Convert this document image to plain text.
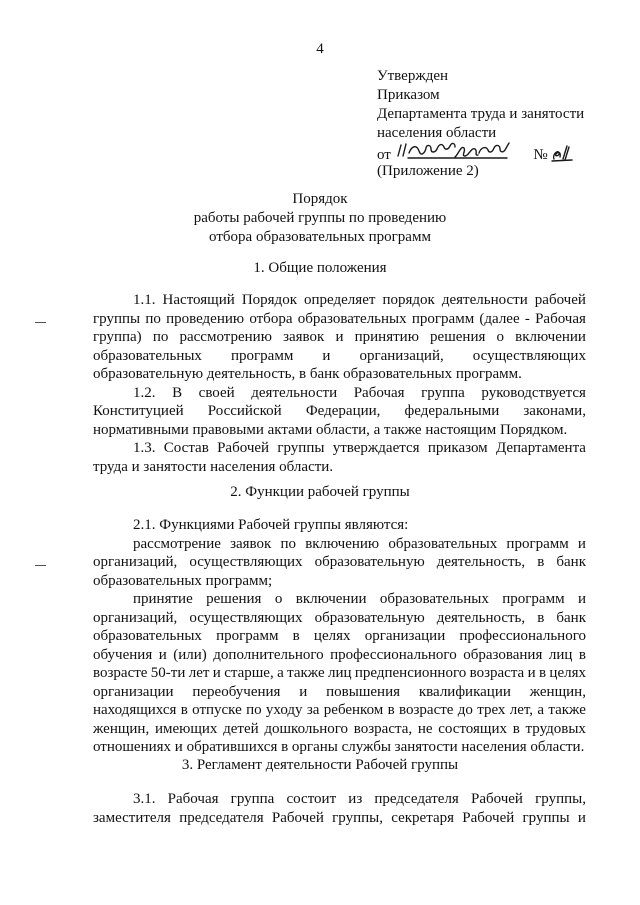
4
Утвержден
Приказом
Департамента труда и занятости
населения области
от	№
(Приложение 2)
Порядок
работы рабочей группы по проведению
отбора образовательных программ
1. Общие положения
1.1. Настоящий Порядок определяет порядок деятельности рабочей
группы по проведению отбора образовательных программ (далее - Рабочая
группа) по рассмотрению заявок и принятию решения о включении
образовательных программ и организаций, осуществляющих
образовательную деятельность, в банк образовательных программ.
1.2. В своей деятельности Рабочая группа руководствуется
Конституцией Российской Федерации, федеральными законами,
нормативными правовыми актами области, а также настоящим Порядком.
1.3. Состав Рабочей группы утверждается приказом Департамента
труда и занятости населения области.
2. Функции рабочей группы
2.1. Функциями Рабочей группы являются:
рассмотрение заявок по включению образовательных программ и
организаций, осуществляющих образовательную деятельность, в банк
образовательных программ;
принятие решения о включении образовательных программ и
организаций, осуществляющих образовательную деятельность, в банк
образовательных программ в целях организации профессионального
обучения и (или) дополнительного профессионального образования лиц в
возрасте 50-ти лет и старше, а также лиц предпенсионного возраста и в целях
организации переобучения и повышения квалификации женщин,
находящихся в отпуске по уходу за ребенком в возрасте до трех лет, а также
женщин, имеющих детей дошкольного возраста, не состоящих в трудовых
отношениях и обратившихся в органы службы занятости населения области.
3. Регламент деятельности Рабочей группы
3.1. Рабочая группа состоит из председателя Рабочей группы,
заместителя председателя Рабочей группы, секретаря Рабочей группы и
